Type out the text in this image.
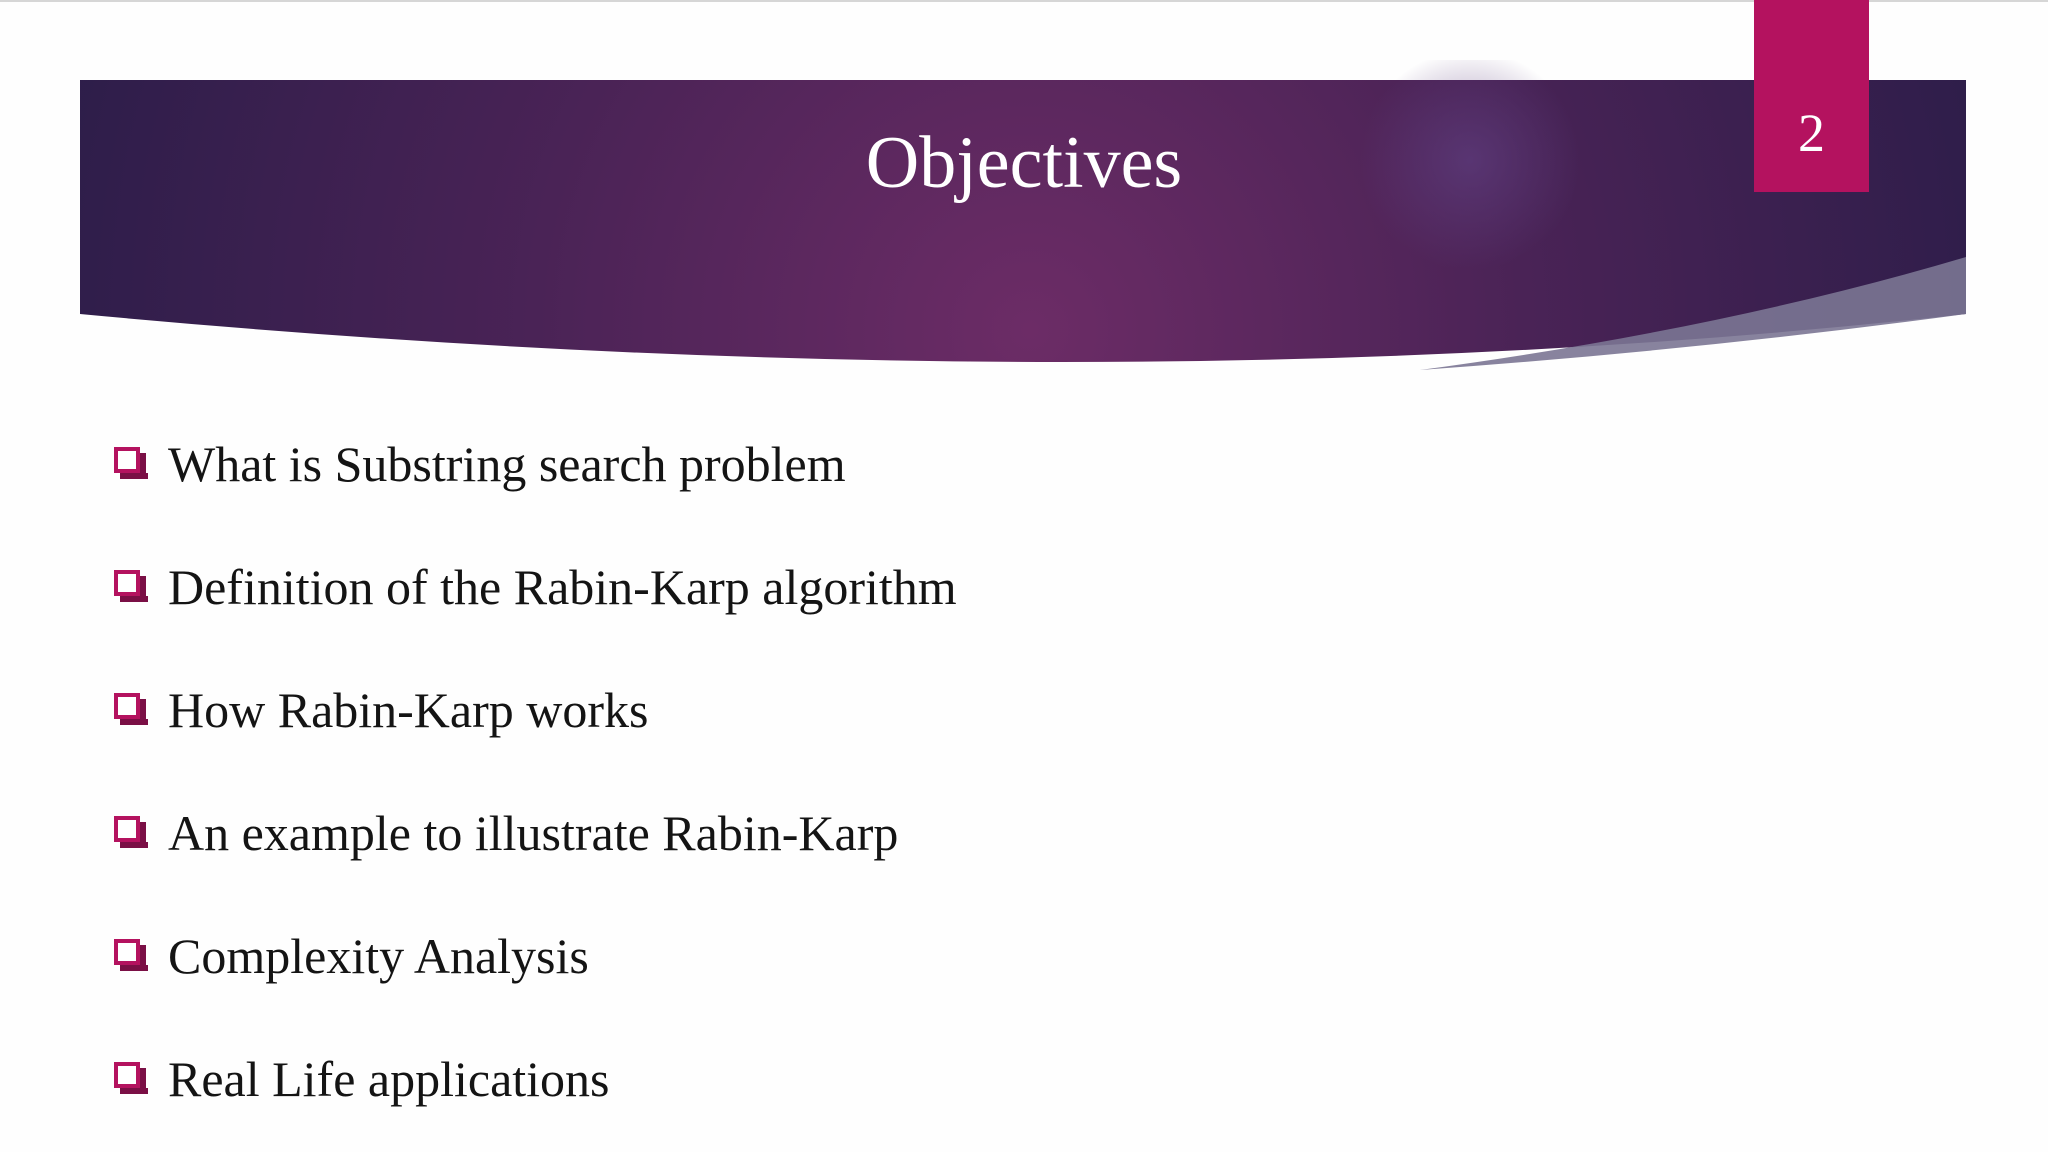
Objectives	2
What is Substring search problem
Definition of the Rabin-Karp algorithm
How Rabin-Karp works
An example to illustrate Rabin-Karp
Complexity Analysis
Real Life applications
